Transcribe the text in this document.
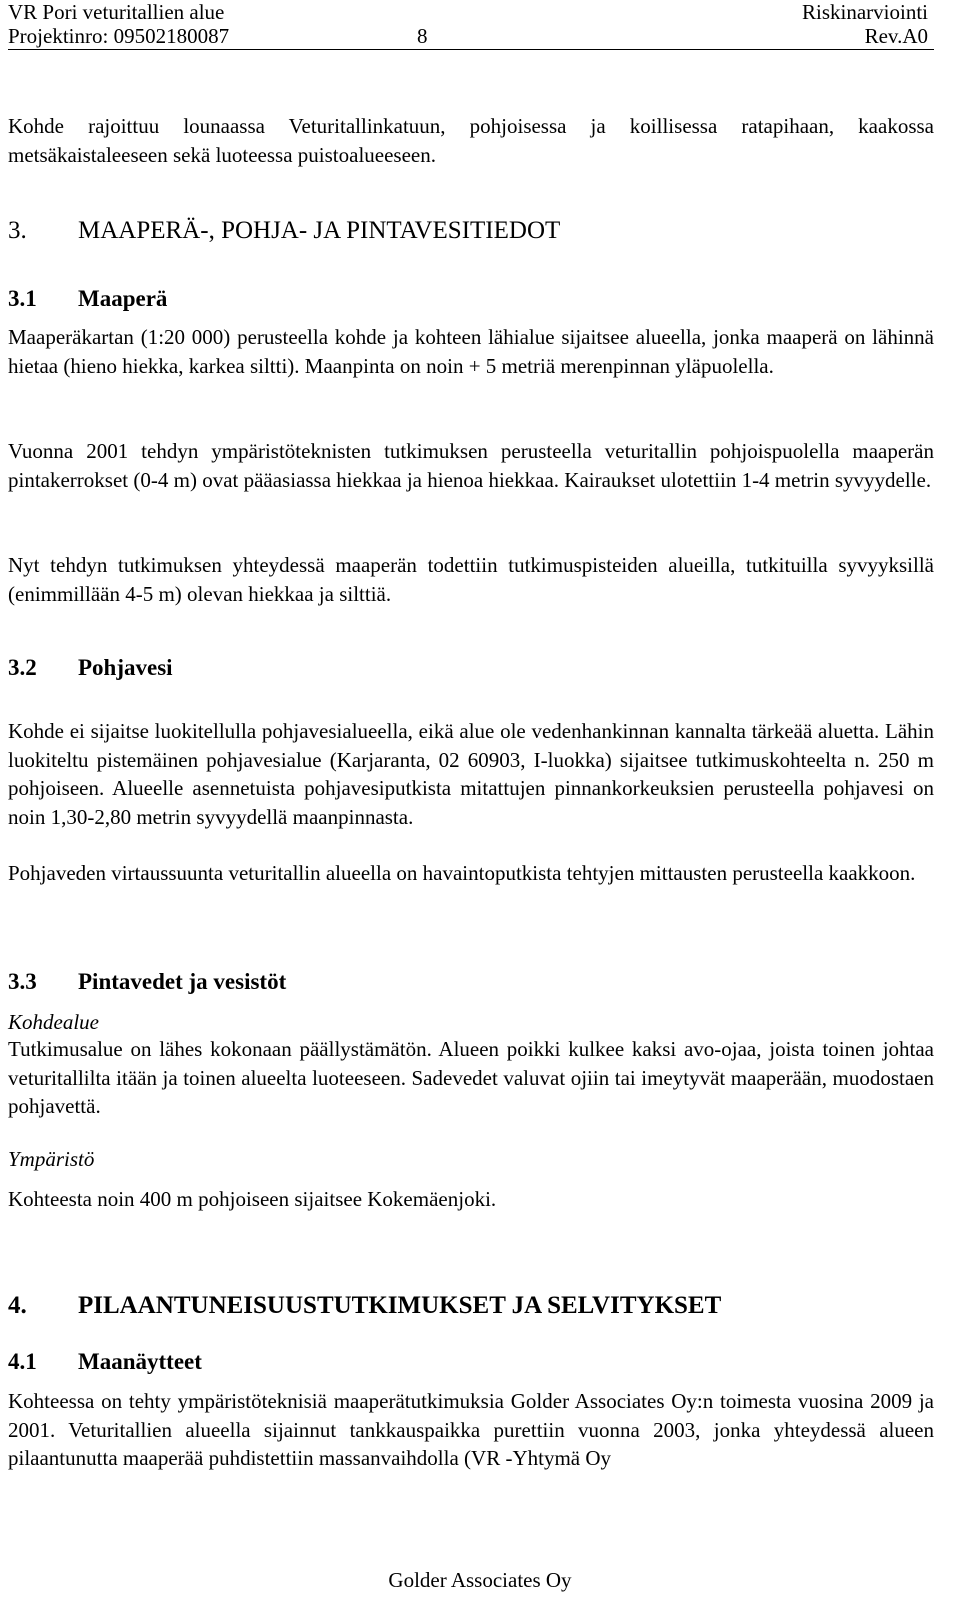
VR Pori veturitallien alue	Riskinarviointi
Projektinro: 09502180087	8	Rev.A0

Kohde rajoittuu lounaassa Veturitallinkatuun, pohjoisessa ja koillisessa ratapihaan, kaakossa metsäkaistaleeseen sekä luoteessa puistoalueeseen.

3. MAAPERÄ-, POHJA- JA PINTAVESITIEDOT
3.1 Maaperä

Maaperäkartan (1:20 000) perusteella kohde ja kohteen lähialue sijaitsee alueella, jonka maaperä on lähinnä hietaa (hieno hiekka, karkea siltti). Maanpinta on noin + 5 metriä merenpinnan yläpuolella.

Vuonna 2001 tehdyn ympäristöteknisten tutkimuksen perusteella veturitallin pohjoispuolella maaperän pintakerrokset (0-4 m) ovat pääasiassa hiekkaa ja hienoa hiekkaa. Kairaukset ulotettiin 1-4 metrin syvyydelle.

Nyt tehdyn tutkimuksen yhteydessä maaperän todettiin tutkimuspisteiden alueilla, tutkituilla syvyyksillä (enimmillään 4-5 m) olevan hiekkaa ja silttiä.

3.2 Pohjavesi

Kohde ei sijaitse luokitellulla pohjavesialueella, eikä alue ole vedenhankinnan kannalta tärkeää aluetta. Lähin luokiteltu pistemäinen pohjavesialue (Karjaranta, 02 60903, I-luokka) sijaitsee tutkimuskohteelta n. 250 m pohjoiseen. Alueelle asennetuista pohjavesiputkista mitattujen pinnankorkeuksien perusteella pohjavesi on noin 1,30-2,80 metrin syvyydellä maanpinnasta.

Pohjaveden virtaussuunta veturitallin alueella on havaintoputkista tehtyjen mittausten perusteella kaakkoon.

3.3 Pintavedet ja vesistöt
Kohdealue

Tutkimusalue on lähes kokonaan päällystämätön. Alueen poikki kulkee kaksi avo-ojaa, joista toinen johtaa veturitallilta itään ja toinen alueelta luoteeseen. Sadevedet valuvat ojiin tai imeytyvät maaperään, muodostaen pohjavettä.

Ympäristö

Kohteesta noin 400 m pohjoiseen sijaitsee Kokemäenjoki.

4. PILAANTUNEISUUSTUTKIMUKSET JA SELVITYKSET
4.1 Maanäytteet

Kohteessa on tehty ympäristöteknisiä maaperätutkimuksia Golder Associates Oy:n toimesta vuosina 2009 ja 2001. Veturitallien alueella sijainnut tankkauspaikka purettiin vuonna 2003, jonka yhteydessä alueen pilaantunutta maaperää puhdistettiin massanvaihdolla (VR -Yhtymä Oy

Golder Associates Oy
